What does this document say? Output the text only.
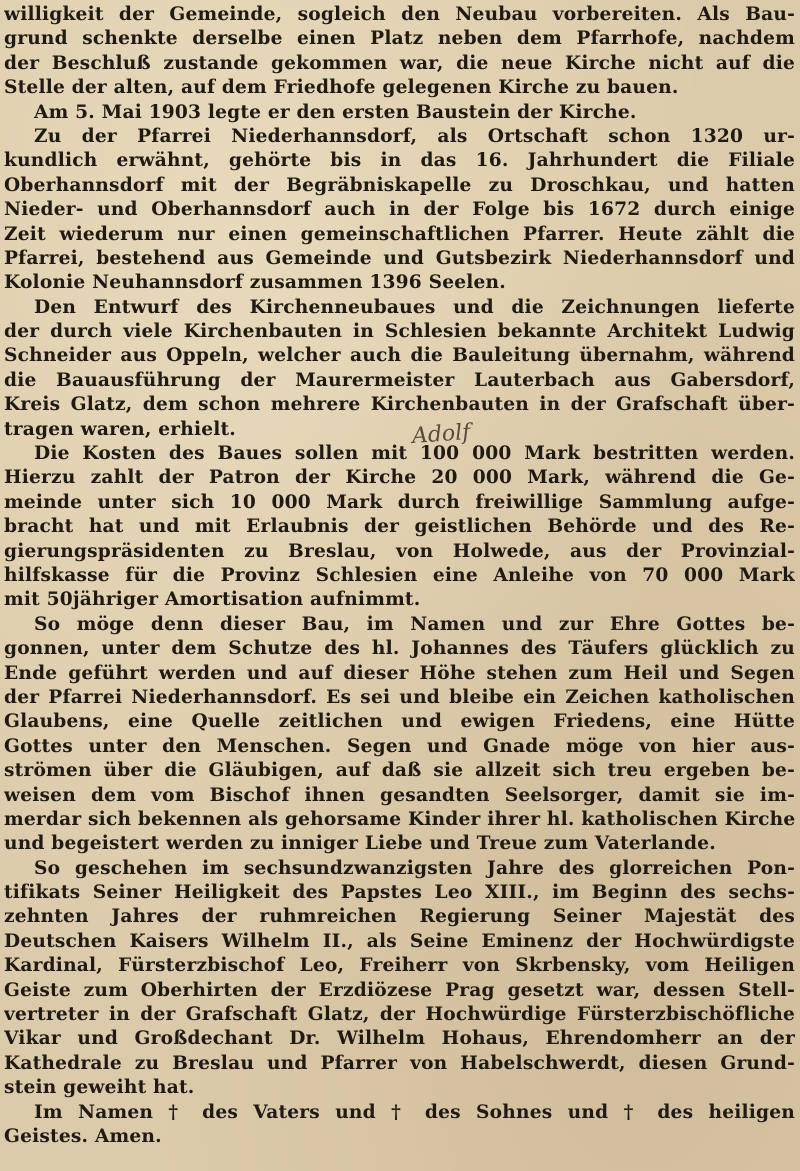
willigkeit der Gemeinde, sogleich den Neubau vorbereiten. Als Bau-
grund schenkte derselbe einen Platz neben dem Pfarrhofe, nachdem
der Beschluß zustande gekommen war, die neue Kirche nicht auf die
Stelle der alten, auf dem Friedhofe gelegenen Kirche zu bauen.
Am 5. Mai 1903 legte er den ersten Baustein der Kirche.
Zu der Pfarrei Niederhannsdorf, als Ortschaft schon 1320 ur-
kundlich erwähnt, gehörte bis in das 16. Jahrhundert die Filiale
Oberhannsdorf mit der Begräbniskapelle zu Droschkau, und hatten
Nieder- und Oberhannsdorf auch in der Folge bis 1672 durch einige
Zeit wiederum nur einen gemeinschaftlichen Pfarrer. Heute zählt die
Pfarrei, bestehend aus Gemeinde und Gutsbezirk Niederhannsdorf und
Kolonie Neuhannsdorf zusammen 1396 Seelen.
Den Entwurf des Kirchenneubaues und die Zeichnungen lieferte
der durch viele Kirchenbauten in Schlesien bekannte Architekt Ludwig
Schneider aus Oppeln, welcher auch die Bauleitung übernahm, während
die Bauausführung der Maurermeister Lauterbach aus Gabersdorf,
Kreis Glatz, dem schon mehrere Kirchenbauten in der Grafschaft über-
tragen waren, erhielt.
Die Kosten des Baues sollen mit 100 000 Mark bestritten werden.
Hierzu zahlt der Patron der Kirche 20 000 Mark, während die Ge-
meinde unter sich 10 000 Mark durch freiwillige Sammlung aufge-
bracht hat und mit Erlaubnis der geistlichen Behörde und des Re-
gierungspräsidenten zu Breslau, von Holwede, aus der Provinzial-
hilfskasse für die Provinz Schlesien eine Anleihe von 70 000 Mark
mit 50jähriger Amortisation aufnimmt.
So möge denn dieser Bau, im Namen und zur Ehre Gottes be-
gonnen, unter dem Schutze des hl. Johannes des Täufers glücklich zu
Ende geführt werden und auf dieser Höhe stehen zum Heil und Segen
der Pfarrei Niederhannsdorf. Es sei und bleibe ein Zeichen katholischen
Glaubens, eine Quelle zeitlichen und ewigen Friedens, eine Hütte
Gottes unter den Menschen. Segen und Gnade möge von hier aus-
strömen über die Gläubigen, auf daß sie allzeit sich treu ergeben be-
weisen dem vom Bischof ihnen gesandten Seelsorger, damit sie im-
merdar sich bekennen als gehorsame Kinder ihrer hl. katholischen Kirche
und begeistert werden zu inniger Liebe und Treue zum Vaterlande.
So geschehen im sechsundzwanzigsten Jahre des glorreichen Pon-
tifikats Seiner Heiligkeit des Papstes Leo XIII., im Beginn des sechs-
zehnten Jahres der ruhmreichen Regierung Seiner Majestät des
Deutschen Kaisers Wilhelm II., als Seine Eminenz der Hochwürdigste
Kardinal, Fürsterzbischof Leo, Freiherr von Skrbensky, vom Heiligen
Geiste zum Oberhirten der Erzdiözese Prag gesetzt war, dessen Stell-
vertreter in der Grafschaft Glatz, der Hochwürdige Fürsterzbischöfliche
Vikar und Großdechant Dr. Wilhelm Hohaus, Ehrendomherr an der
Kathedrale zu Breslau und Pfarrer von Habelschwerdt, diesen Grund-
stein geweiht hat.
Im Namen † des Vaters und † des Sohnes und † des heiligen
Geistes. Amen.
Adolf
